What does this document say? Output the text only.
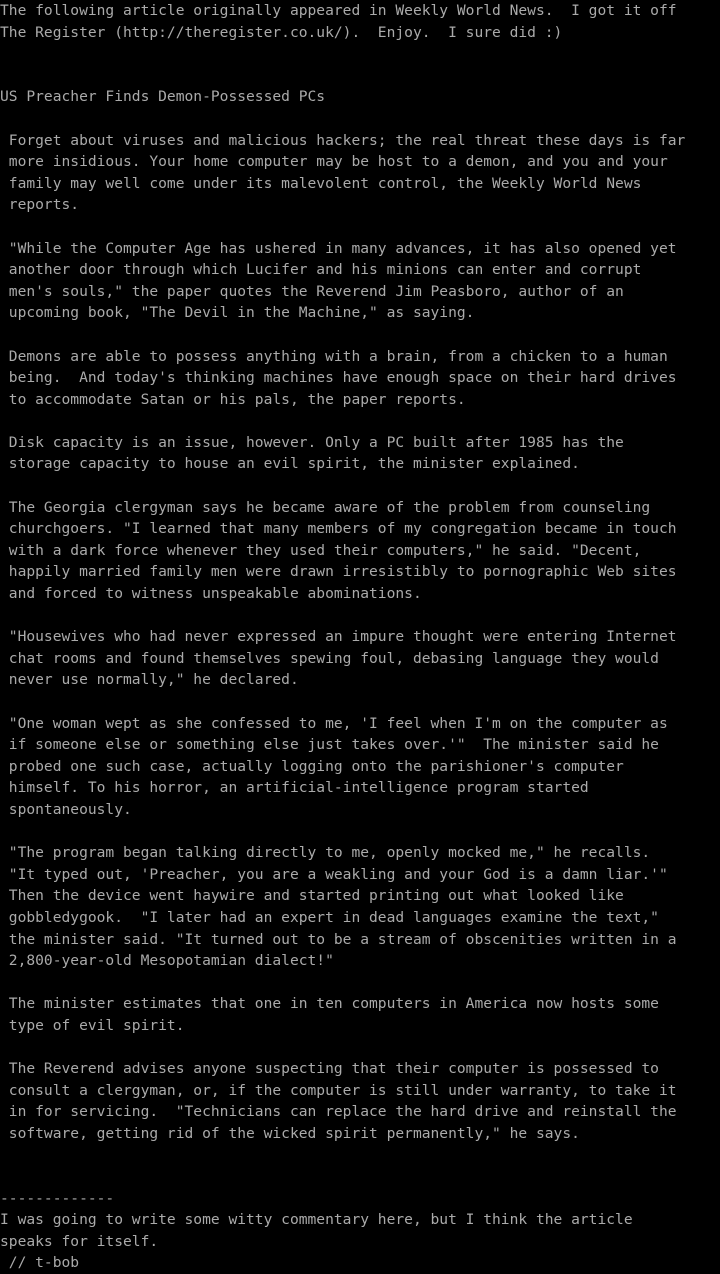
The following article originally appeared in Weekly World News.  I got it off
The Register (http://theregister.co.uk/).  Enjoy.  I sure did :)
US Preacher Finds Demon-Possessed PCs
Forget about viruses and malicious hackers; the real threat these days is far
more insidious. Your home computer may be host to a demon, and you and your
family may well come under its malevolent control, the Weekly World News
reports.
"While the Computer Age has ushered in many advances, it has also opened yet
another door through which Lucifer and his minions can enter and corrupt
men's souls," the paper quotes the Reverend Jim Peasboro, author of an
upcoming book, "The Devil in the Machine," as saying.
Demons are able to possess anything with a brain, from a chicken to a human
being.  And today's thinking machines have enough space on their hard drives
to accommodate Satan or his pals, the paper reports.
Disk capacity is an issue, however. Only a PC built after 1985 has the
storage capacity to house an evil spirit, the minister explained.
The Georgia clergyman says he became aware of the problem from counseling
churchgoers. "I learned that many members of my congregation became in touch
with a dark force whenever they used their computers," he said. "Decent,
happily married family men were drawn irresistibly to pornographic Web sites
and forced to witness unspeakable abominations.
"Housewives who had never expressed an impure thought were entering Internet
chat rooms and found themselves spewing foul, debasing language they would
never use normally," he declared.
"One woman wept as she confessed to me, 'I feel when I'm on the computer as
if someone else or something else just takes over.'"  The minister said he
probed one such case, actually logging onto the parishioner's computer
himself. To his horror, an artificial-intelligence program started
spontaneously.
"The program began talking directly to me, openly mocked me," he recalls.
"It typed out, 'Preacher, you are a weakling and your God is a damn liar.'"
Then the device went haywire and started printing out what looked like
gobbledygook.  "I later had an expert in dead languages examine the text,"
the minister said. "It turned out to be a stream of obscenities written in a
2,800-year-old Mesopotamian dialect!"
The minister estimates that one in ten computers in America now hosts some
type of evil spirit.
The Reverend advises anyone suspecting that their computer is possessed to
consult a clergyman, or, if the computer is still under warranty, to take it
in for servicing.  "Technicians can replace the hard drive and reinstall the
software, getting rid of the wicked spirit permanently," he says.
-------------
I was going to write some witty commentary here, but I think the article
speaks for itself.
// t-bob
